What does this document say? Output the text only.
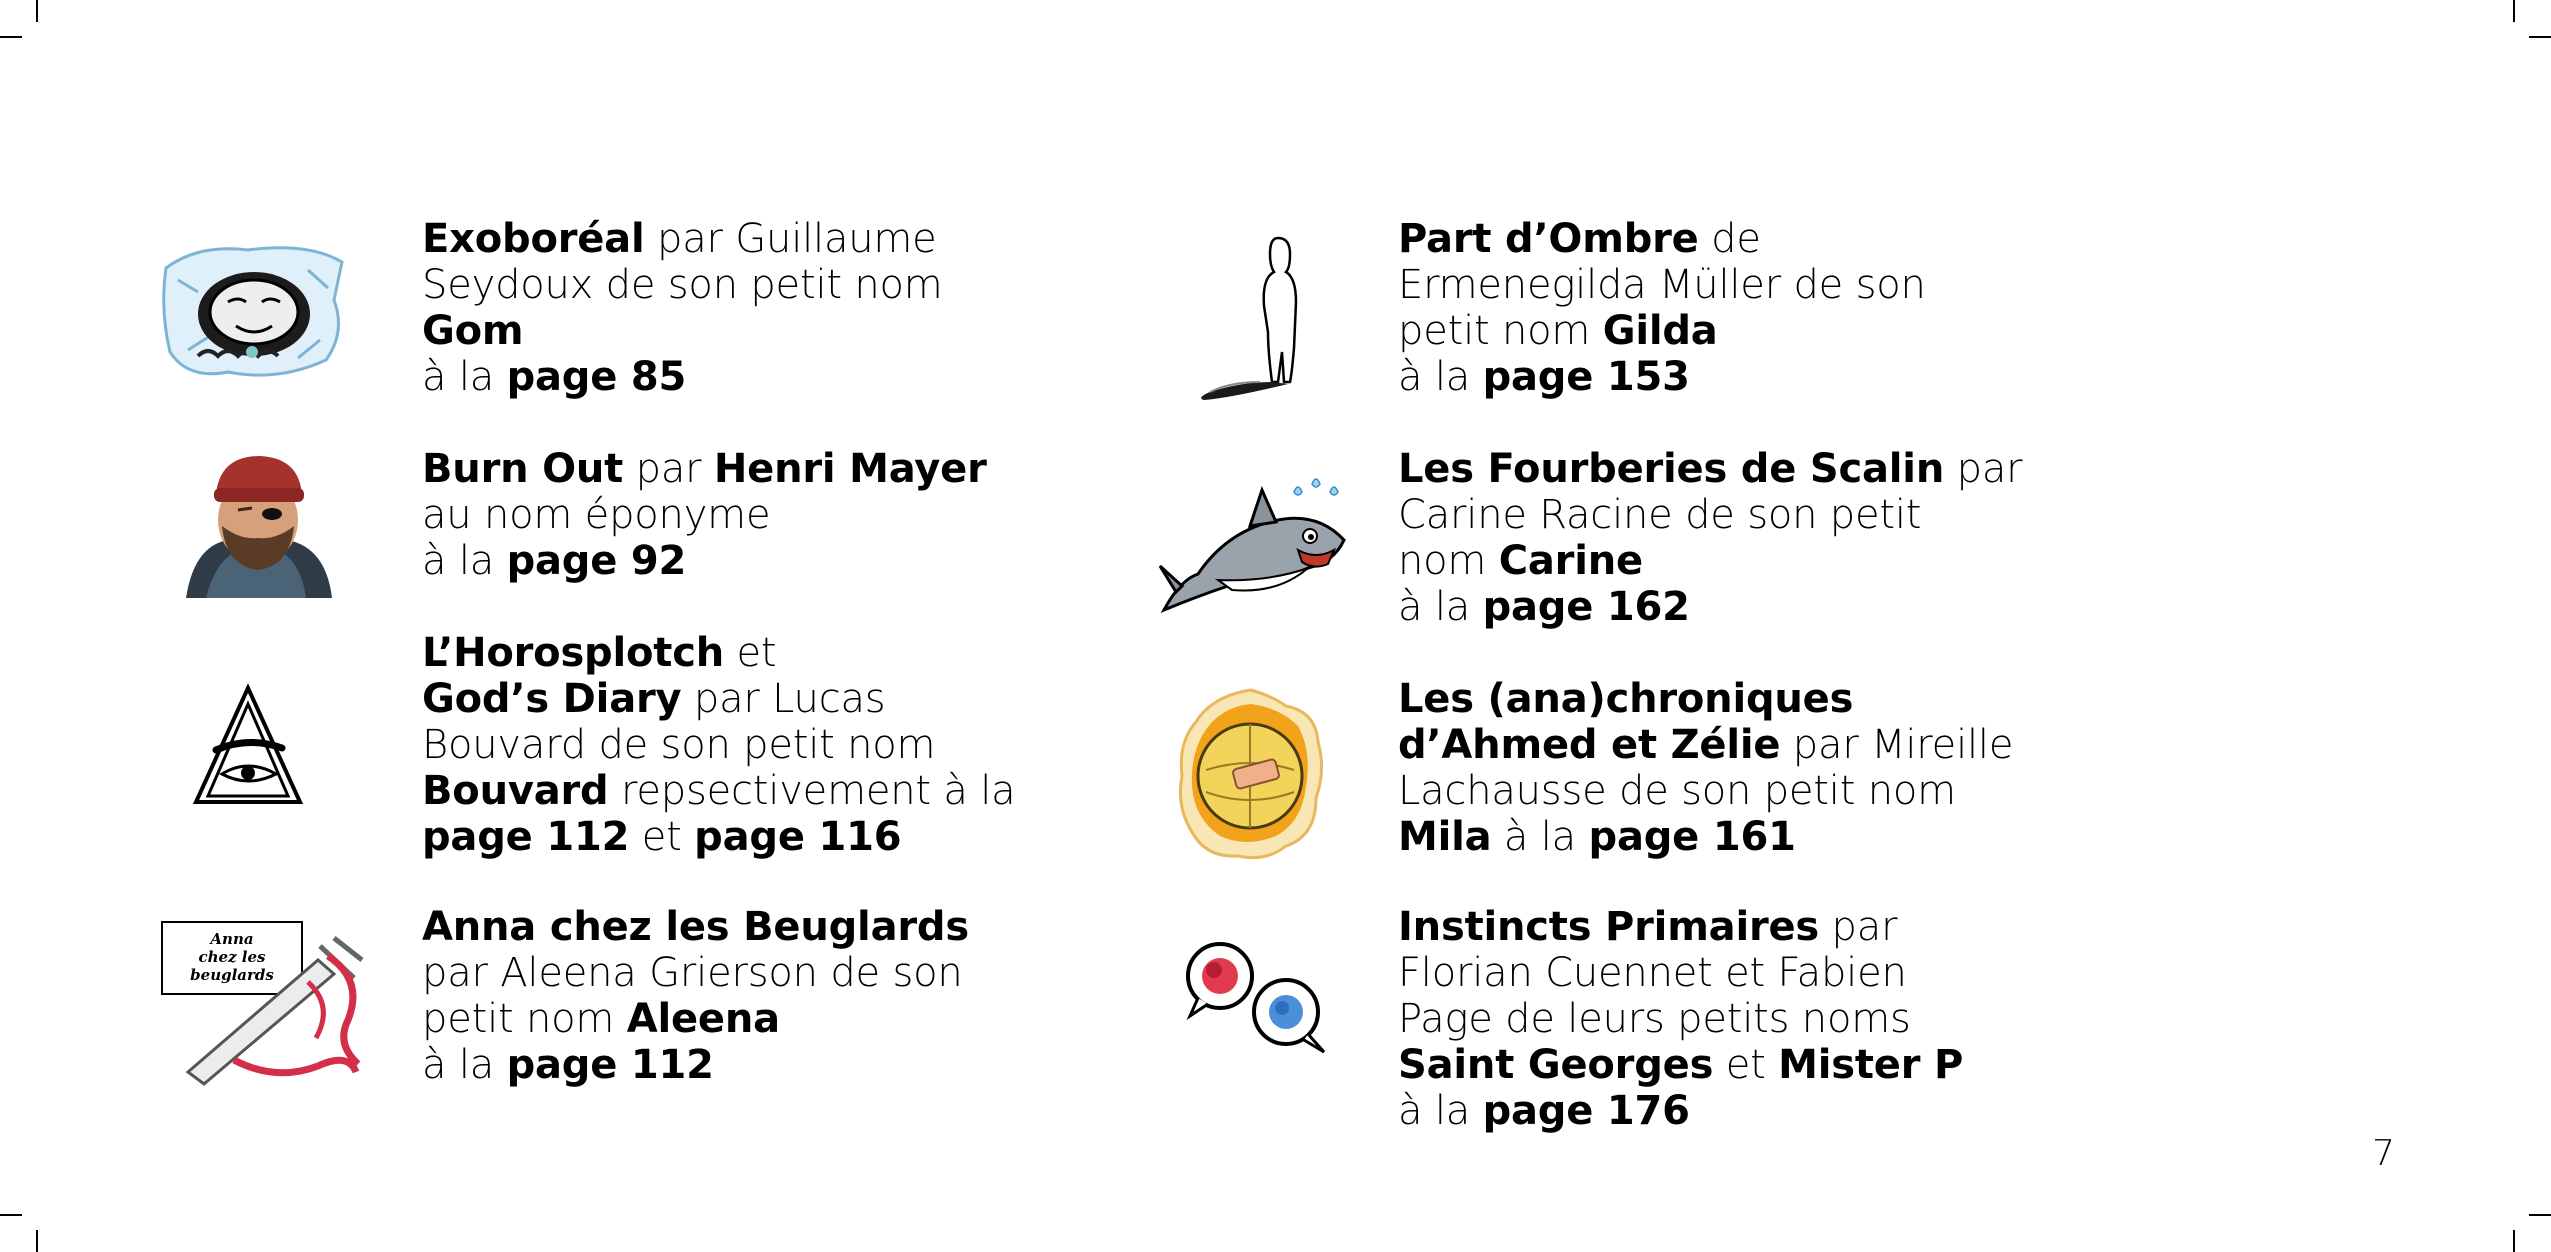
Exoboréal par Guillaume
Seydoux de son petit nom
Gom
à la page 85
Burn Out par Henri Mayer
au nom éponyme
à la page 92
L’Horosplotch et
God’s Diary par Lucas
Bouvard de son petit nom
Bouvard repsectivement à la
page 112 et page 116
Anna
chez les
beuglards
Anna chez les Beuglards
par Aleena Grierson de son
petit nom Aleena
à la page 112
Part d’Ombre de
Ermenegilda Müller de son
petit nom Gilda
à la page 153
Les Fourberies de Scalin par
Carine Racine de son petit
nom Carine
à la page 162
Les (ana)chroniques
d’Ahmed et Zélie par Mireille
Lachausse de son petit nom
Mila à la page 161
Instincts Primaires par
Florian Cuennet et Fabien
Page de leurs petits noms
Saint Georges et Mister P
à la page 176
7
